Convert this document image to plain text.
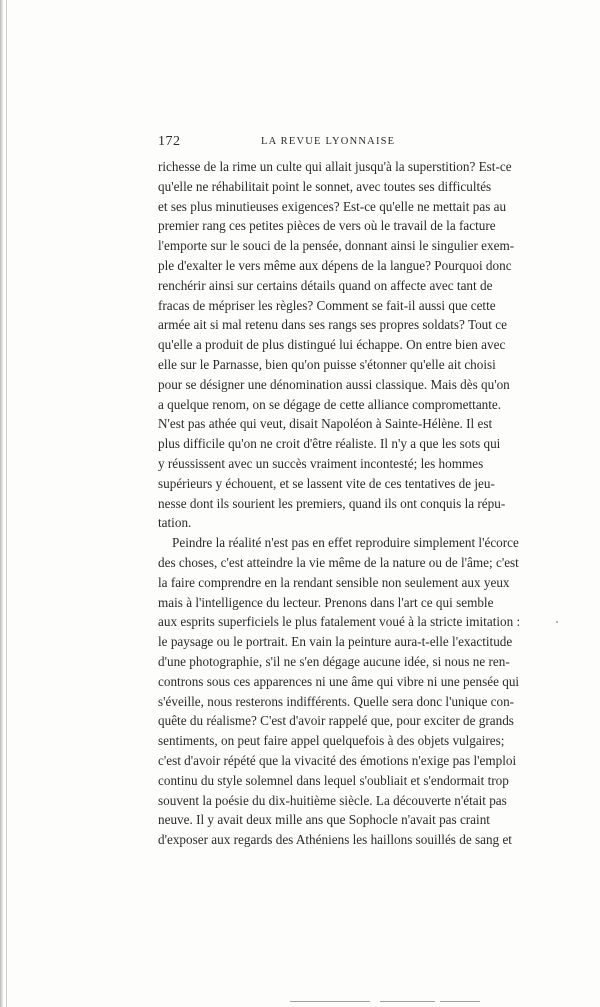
172	LA REVUE LYONNAISE
richesse de la rime un culte qui allait jusqu'à la superstition? Est-ce
qu'elle ne réhabilitait point le sonnet, avec toutes ses difficultés
et ses plus minutieuses exigences? Est-ce qu'elle ne mettait pas au
premier rang ces petites pièces de vers où le travail de la facture
l'emporte sur le souci de la pensée, donnant ainsi le singulier exem-
ple d'exalter le vers même aux dépens de la langue? Pourquoi donc
renchérir ainsi sur certains détails quand on affecte avec tant de
fracas de mépriser les règles? Comment se fait-il aussi que cette
armée ait si mal retenu dans ses rangs ses propres soldats? Tout ce
qu'elle a produit de plus distingué lui échappe. On entre bien avec
elle sur le Parnasse, bien qu'on puisse s'étonner qu'elle ait choisi
pour se désigner une dénomination aussi classique. Mais dès qu'on
a quelque renom, on se dégage de cette alliance compromettante.
N'est pas athée qui veut, disait Napoléon à Sainte-Hélène. Il est
plus difficile qu'on ne croit d'être réaliste. Il n'y a que les sots qui
y réussissent avec un succès vraiment incontesté; les hommes
supérieurs y échouent, et se lassent vite de ces tentatives de jeu-
nesse dont ils sourient les premiers, quand ils ont conquis la répu-
tation.
Peindre la réalité n'est pas en effet reproduire simplement l'écorce
des choses, c'est atteindre la vie même de la nature ou de l'âme; c'est
la faire comprendre en la rendant sensible non seulement aux yeux
mais à l'intelligence du lecteur. Prenons dans l'art ce qui semble
aux esprits superficiels le plus fatalement voué à la stricte imitation :
le paysage ou le portrait. En vain la peinture aura-t-elle l'exactitude
d'une photographie, s'il ne s'en dégage aucune idée, si nous ne ren-
controns sous ces apparences ni une âme qui vibre ni une pensée qui
s'éveille, nous resterons indifférents. Quelle sera donc l'unique con-
quête du réalisme? C'est d'avoir rappelé que, pour exciter de grands
sentiments, on peut faire appel quelquefois à des objets vulgaires;
c'est d'avoir répété que la vivacité des émotions n'exige pas l'emploi
continu du style solemnel dans lequel s'oubliait et s'endormait trop
souvent la poésie du dix-huitième siècle. La découverte n'était pas
neuve. Il y avait deux mille ans que Sophocle n'avait pas craint
d'exposer aux regards des Athéniens les haillons souillés de sang et
